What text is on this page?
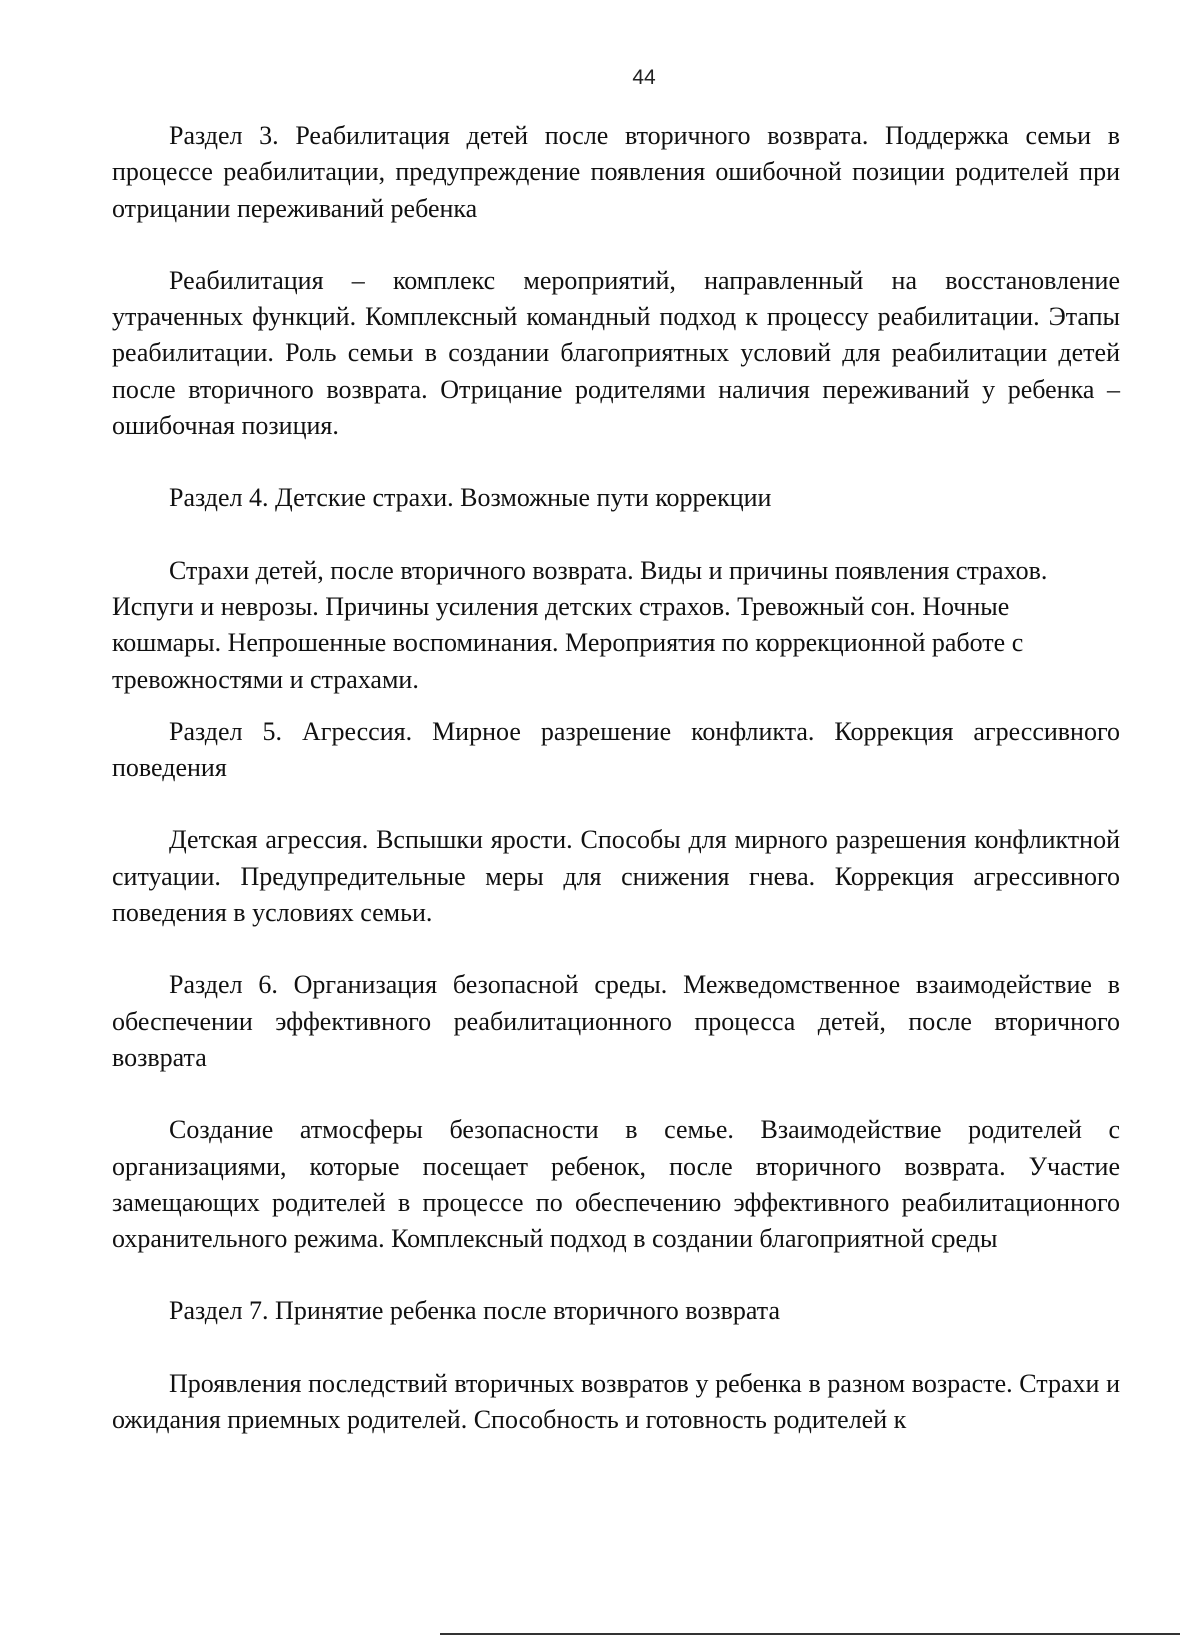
44

Раздел 3. Реабилитация детей после вторичного возврата. Поддержка семьи в процессе реабилитации, предупреждение появления ошибочной позиции родителей при отрицании переживаний ребенка

Реабилитация – комплекс мероприятий, направленный на восстановление утраченных функций. Комплексный командный подход к процессу реабилитации. Этапы реабилитации. Роль семьи в создании благоприятных условий для реабилитации детей после вторичного возврата. Отрицание родителями наличия переживаний у ребенка – ошибочная позиция.

Раздел 4. Детские страхи. Возможные пути коррекции

Страхи детей, после вторичного возврата. Виды и причины появления страхов. Испуги и неврозы. Причины усиления детских страхов. Тревожный сон. Ночные кошмары. Непрошенные воспоминания. Мероприятия по коррекционной работе с тревожностями и страхами.

Раздел 5. Агрессия. Мирное разрешение конфликта. Коррекция агрессивного поведения

Детская агрессия. Вспышки ярости. Способы для мирного разрешения конфликтной ситуации. Предупредительные меры для снижения гнева. Коррекция агрессивного поведения в условиях семьи.

Раздел 6. Организация безопасной среды. Межведомственное взаимодействие в обеспечении эффективного реабилитационного процесса детей, после вторичного возврата

Создание атмосферы безопасности в семье. Взаимодействие родителей с организациями, которые посещает ребенок, после вторичного возврата. Участие замещающих родителей в процессе по обеспечению эффективного реабилитационного охранительного режима. Комплексный подход в создании благоприятной среды

Раздел 7. Принятие ребенка после вторичного возврата

Проявления последствий вторичных возвратов у ребенка в разном возрасте. Страхи и ожидания приемных родителей. Способность и готовность родителей к
